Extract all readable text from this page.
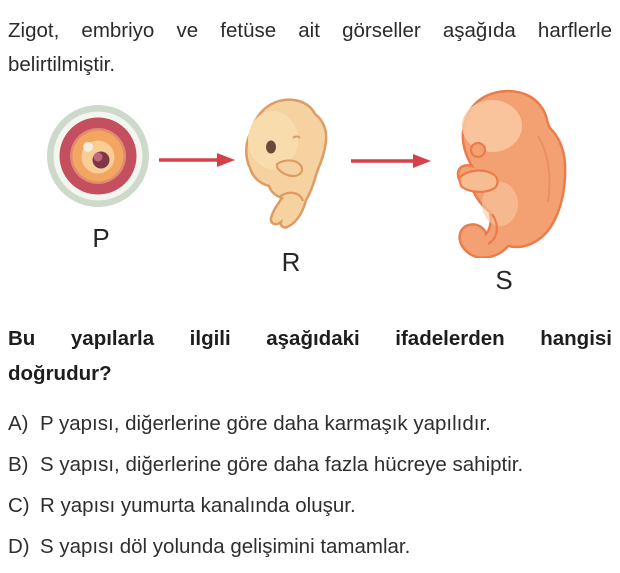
Zigot, embriyo ve fetüse ait görseller aşağıda harflerle
belirtilmiştir.
P
R
S
Bu yapılarla ilgili aşağıdaki ifadelerden hangisi
doğrudur?
A) P yapısı, diğerlerine göre daha karmaşık yapılıdır.
B) S yapısı, diğerlerine göre daha fazla hücreye sahiptir.
C) R yapısı yumurta kanalında oluşur.
D) S yapısı döl yolunda gelişimini tamamlar.
